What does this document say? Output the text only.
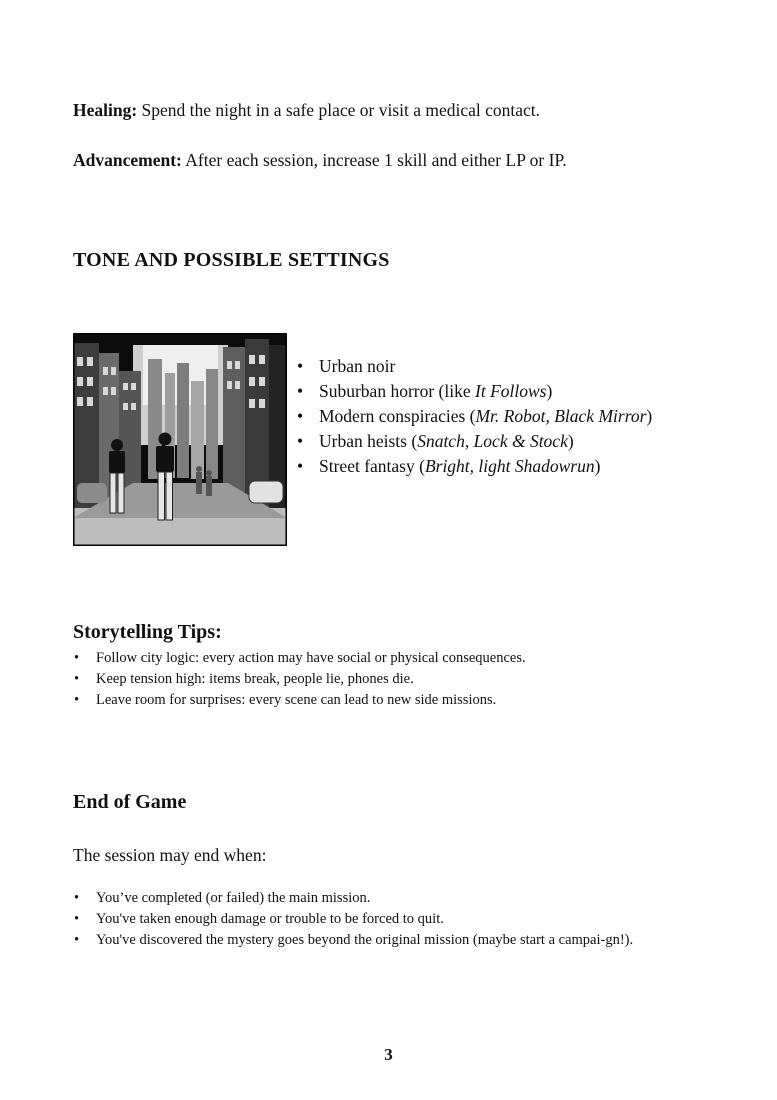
Healing: Spend the night in a safe place or visit a medical contact.
Advancement: After each session, increase 1 skill and either LP or IP.
TONE AND POSSIBLE SETTINGS
• Urban noir
• Suburban horror (like It Follows)
• Modern conspiracies (Mr. Robot, Black Mirror)
• Urban heists (Snatch, Lock & Stock)
• Street fantasy (Bright, light Shadowrun)
Storytelling Tips:
• Follow city logic: every action may have social or physical consequences.
• Keep tension high: items break, people lie, phones die.
• Leave room for surprises: every scene can lead to new side missions.
End of Game
The session may end when:
• You’ve completed (or failed) the main mission.
• You've taken enough damage or trouble to be forced to quit.
• You've discovered the mystery goes beyond the original mission (maybe start a campai-gn!).
3
